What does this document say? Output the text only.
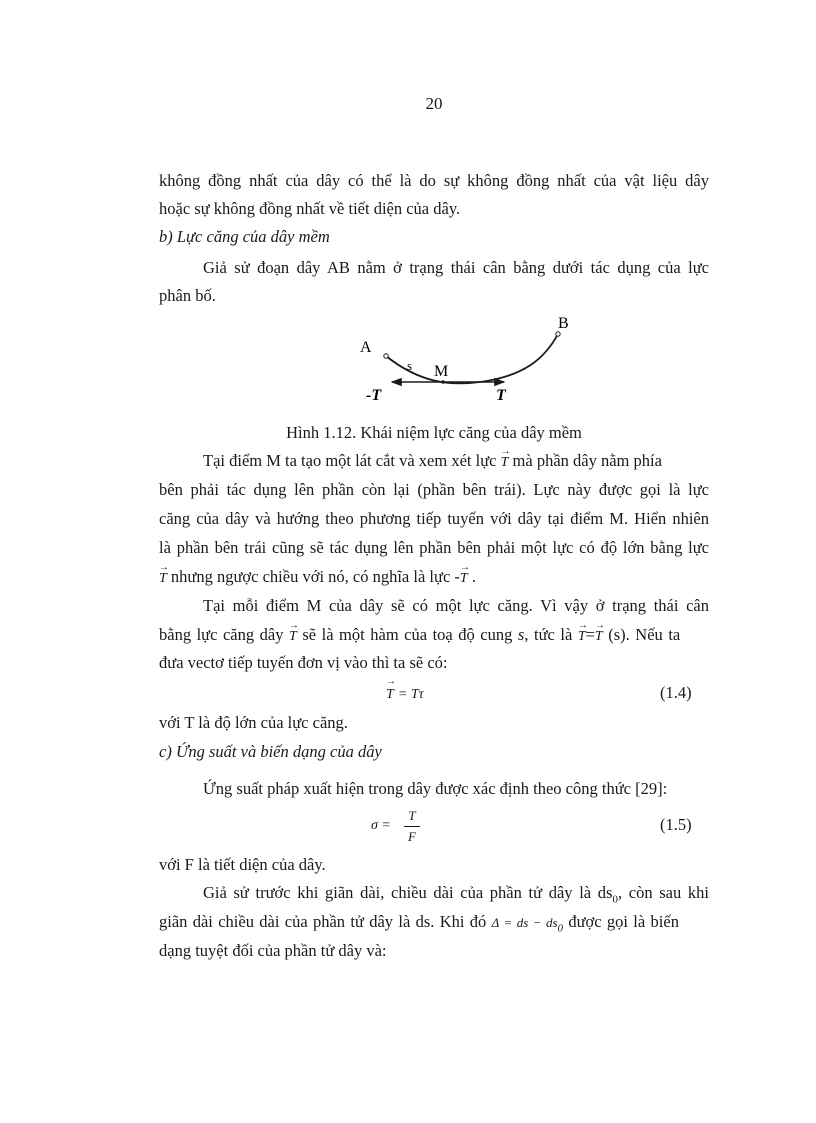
20
không đồng nhất của dây có thể là do sự không đồng nhất của vật liệu dây
hoặc sự không đồng nhất về tiết diện của dây.
b) Lực căng của dây mềm
Giả sử đoạn dây AB nằm ở trạng thái cân bằng dưới tác dụng của lực
phân bố.
A
B
s M
-T	T
Hình 1.12. Khái niệm lực căng của dây mềm
Tại điểm M ta tạo một lát cắt và xem xét lực → T mà phần dây nằm phía
bên phải tác dụng lên phần còn lại (phần bên trái). Lực này được gọi là lực
căng của dây và hướng theo phương tiếp tuyến với dây tại điểm M. Hiển nhiên
là phần bên trái cũng sẽ tác dụng lên phần bên phải một lực có độ lớn bằng lực
→ T nhưng ngược chiều với nó, có nghĩa là lực -→ T .
Tại mỗi điểm M của dây sẽ có một lực căng. Vì vậy ở trạng thái cân
bằng lực căng dây → T sẽ là một hàm của toạ độ cung s, tức là → T=→ T (s). Nếu ta
đưa vectơ tiếp tuyến đơn vị vào thì ta sẽ có:
→ T = Tτ	(1.4)
với T là độ lớn của lực căng.
c) Ứng suất và biến dạng của dây
Ứng suất pháp xuất hiện trong dây được xác định theo công thức [29]:
σ =
T
F
(1.5)
với F là tiết diện của dây.
Giả sử trước khi giãn dài, chiều dài của phần tử dây là $ds_0$, còn sau khi
giãn dài chiều dài của phần tử dây là ds. Khi đó Δ = ds − $ds_0$ được gọi là biến
dạng tuyệt đối của phần tử dây và:
